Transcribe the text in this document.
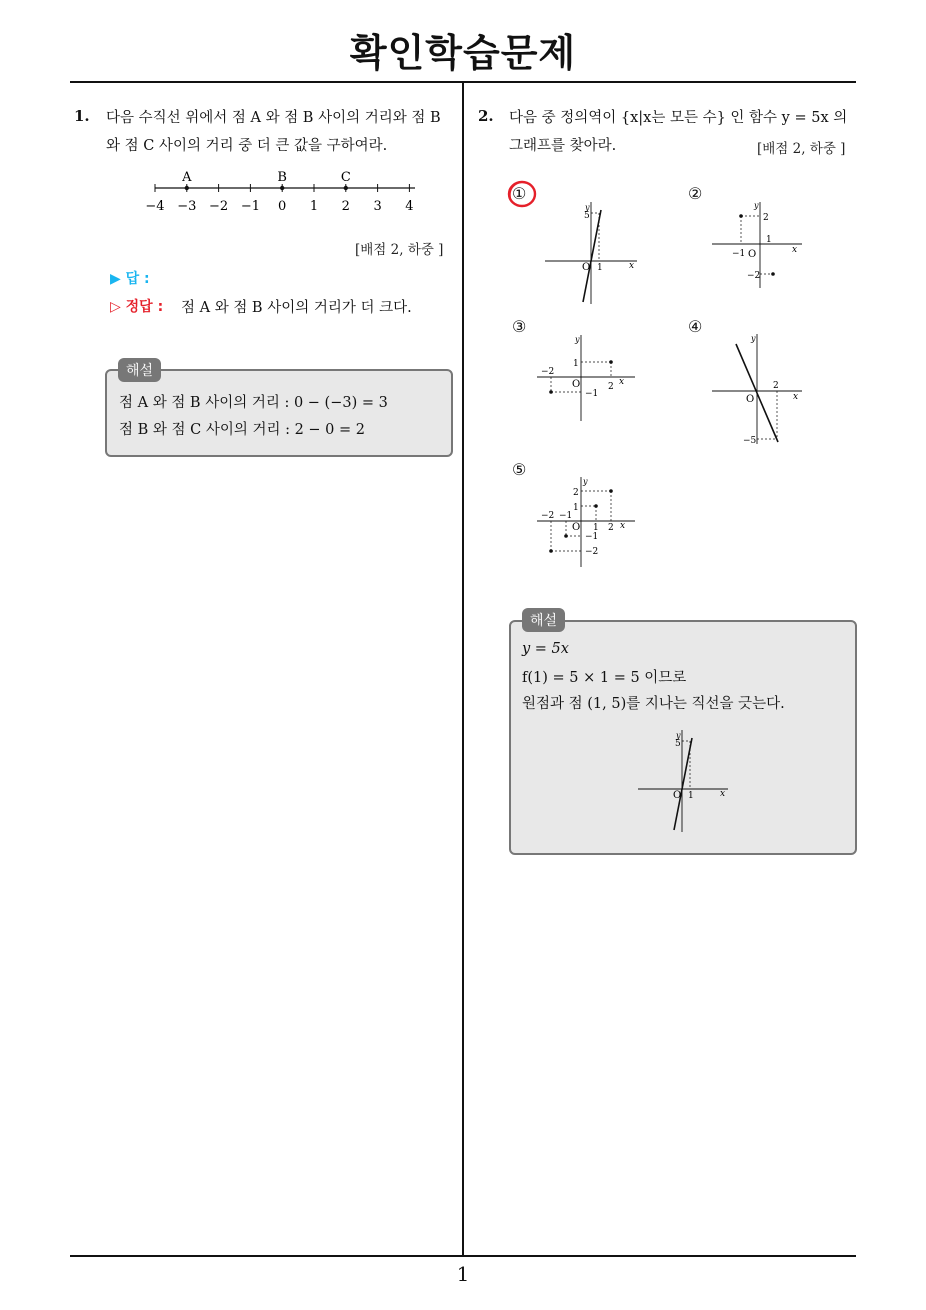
확인학습문제
1
1. 다음 수직선 위에서 점 A 와 점 B 사이의 거리와 점 B
와 점 C 사이의 거리 중 더 큰 값을 구하여라.
−4 −3 −2 −1 0 1 2 3 4
A	B	C
[배점 2, 하중 ]
▶ 답 :
▷ 정답 : 점 A 와 점 B 사이의 거리가 더 크다.
해설
점 A 와 점 B 사이의 거리 : 0 − (−3) = 3
점 B 와 점 C 사이의 거리 : 2 − 0 = 2
2. 다음 중 정의역이 {x|x는 모든 수} 인 함수 y = 5x 의
그래프를 찾아라.	[배점 2, 하중 ]
①	②
③	④
⑤
y
5
O 1	x
y
2
1
−1 O
−2
x
y
1
−2
O	2
−1
x
y
O
2
−5
x
y
2
1
−2 −1
O 1 2
−1
−2
x
해설
y = 5x
f(1) = 5 × 1 = 5 이므로
원점과 점 (1, 5)를 지나는 직선을 긋는다.
y
5
O 1	x
